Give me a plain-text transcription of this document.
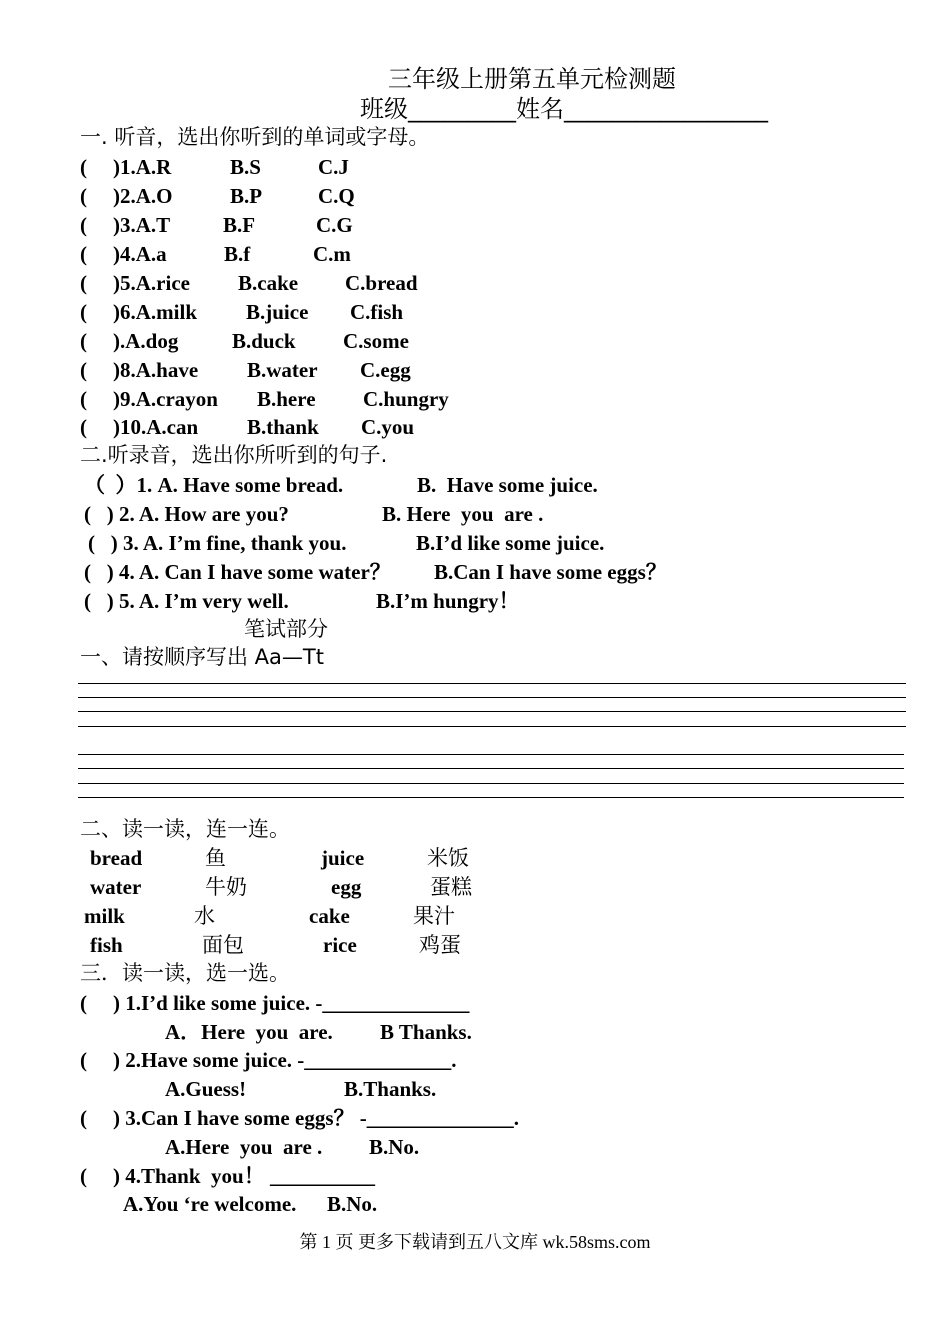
三年级上册第五单元检测题
班级_________姓名_________________
一. 听音，选出你听到的单词或字母。
( )1.A.R	B.S	C.J
( )2.A.O	B.P	C.Q
( )3.A.T	B.F	C.G
( )4.A.a	B.f	C.m
( )5.A.rice B.cake C.bread
( )6.A.milk B.juice C.fish
( ).A.dog	B.duck C.some
( )8.A.have B.water C.egg
( )9.A.crayon B.here C.hungry
( )10.A.can B.thank C.you
二.听录音，选出你所听到的句子.
（  ）1. A. Have some bread.	B.  Have some juice.
(   ) 2. A. How are you?	B. Here  you  are .
(   ) 3. A. I’m fine, thank you.	B.I’d like some juice.
(   ) 4. A. Can I have some water？ B.Can I have some eggs？
(   ) 5. A. I’m very well.	B.I’m hungry！
笔试部分
一、请按顺序写出 Aa—Tt
二、读一读，连一连。
bread	鱼	juice	米饭
water	牛奶	egg	蛋糕
milk	水	cake	果汁
fish	面包	rice	鸡蛋
三．读一读，选一选。
( ) 1.I’d like some juice. -______________
A．Here  you  are. B Thanks.
( ) 2.Have some juice. -______________.
A.Guess!	B.Thanks.
( ) 3.Can I have some eggs？ -______________.
A.Here  you  are . B.No.
( ) 4.Thank  you！ __________
A.You ‘re welcome. B.No.
第 1 页 更多下载请到五八文库 wk.58sms.com
